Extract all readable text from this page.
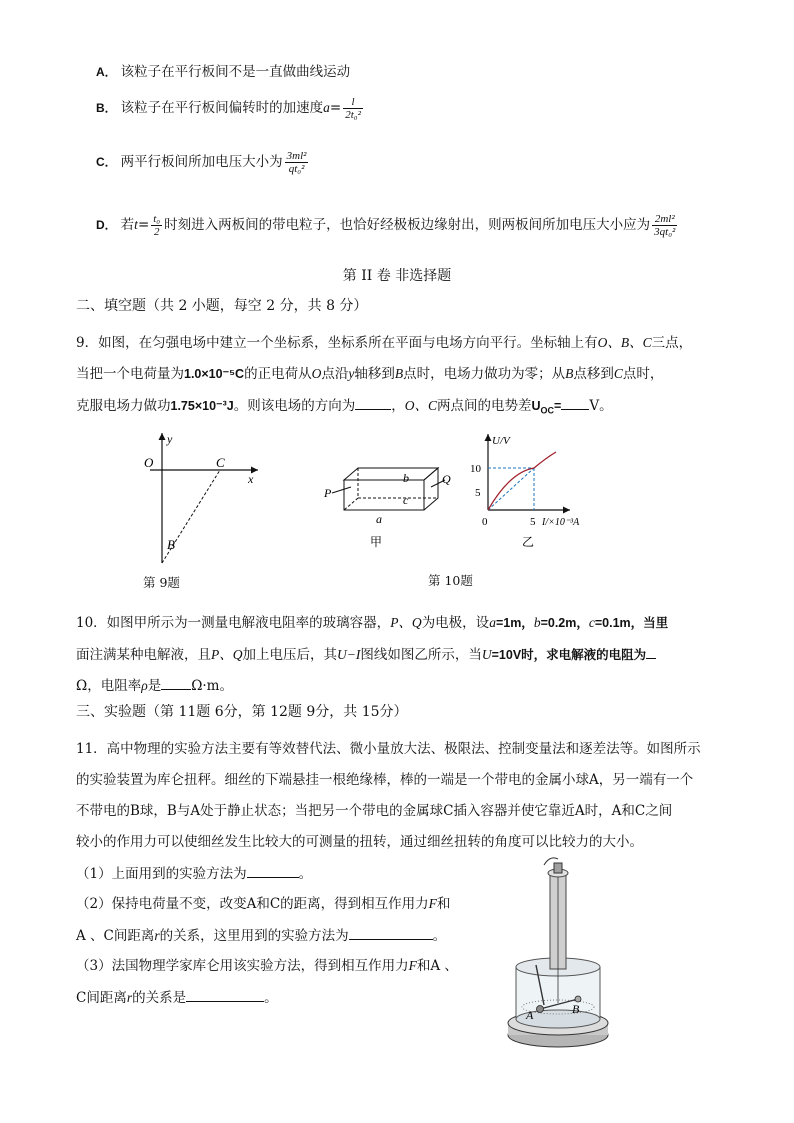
A． 该粒子在平行板间不是一直做曲线运动
B． 该粒子在平行板间偏转时的加速度$a= \frac{l}{\text{2t₀²}}$
C． 两平行板间所加电压大小为 $\frac{\text{3ml²}}{\text{qt₀²}}$
D． 若$t= \frac{\text{t₀}}{2}$ 时刻进入两板间的带电粒子，也恰好经极板边缘射出，则两板间所加电压大小应为 $\frac{\text{2ml²}}{\text{3qt₀²}}$
第 II 卷 非选择题
二、填空题（共 2 小题，每空 2 分，共 8 分）
9．如图，在匀强电场中建立一个坐标系，坐标系所在平面与电场方向平行。坐标轴上有O、B、C三点，
当把一个电荷量为1.0×10⁻⁵C的正电荷从O点沿y轴移到B点时，电场力做功为零；从B点移到C点时，
克服电场力做功1.75×10⁻³J。则该电场的方向为	，O、C两点间的电势差$U_{OC}= V$。
y
O	C
x
B
第 9题
P
Q
b
c
a
甲
U/V
10
5
0	5 I/×10⁻³A
乙
第 10题
10．如图甲所示为一测量电解液电阻率的玻璃容器，P、Q为电极，设a=1m，b=0.2m，c=0.1m，当里
面注满某种电解液，且P、Q加上电压后，其U−I图线如图乙所示，当U=10V时，求电解液的电阻为
Ω，电阻率ρ是 Ω·m。
三、实验题（第 11题 6分，第 12题 9分，共 15分）
11．高中物理的实验方法主要有等效替代法、微小量放大法、极限法、控制变量法和逐差法等。如图所示
的实验装置为库仑扭秤。细丝的下端悬挂一根绝缘棒，棒的一端是一个带电的金属小球A，另一端有一个
不带电的B球，B与A处于静止状态；当把另一个带电的金属球C插入容器并使它靠近A时，A和C之间
较小的作用力可以使细丝发生比较大的可测量的扭转，通过细丝扭转的角度可以比较力的大小。
（1）上面用到的实验方法为	。
（2）保持电荷量不变，改变A和C的距离，得到相互作用力F和
A 、C间距离r的关系，这里用到的实验方法为	。
（3）法国物理学家库仑用该实验方法，得到相互作用力F和A 、
C间距离r的关系是	。
A	B
